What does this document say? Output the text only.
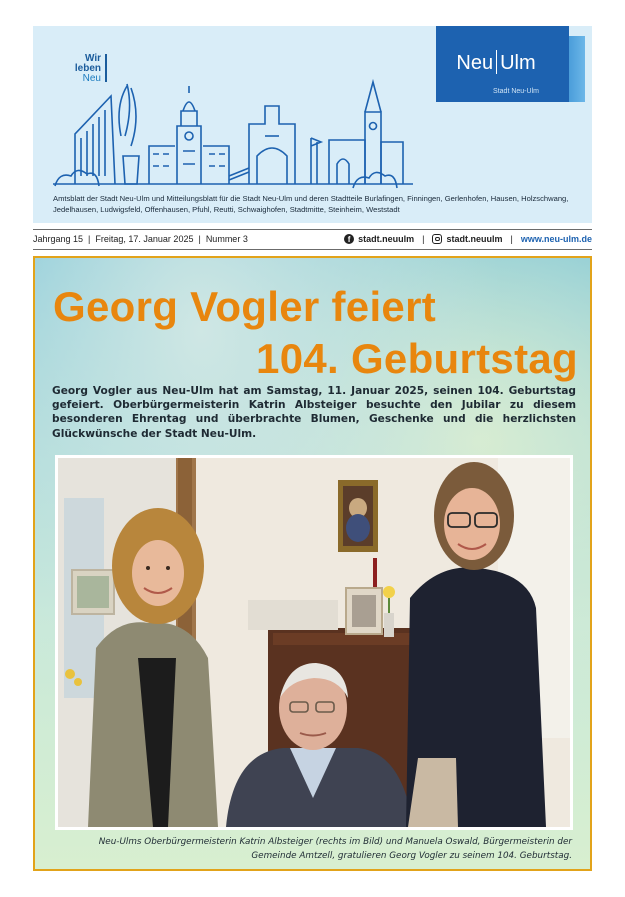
Wir
leben
Neu
Neu Ulm
Stadt Neu-Ulm
Amtsblatt der Stadt Neu-Ulm und Mitteilungsblatt für die Stadt Neu-Ulm und deren Stadtteile Burlafingen, Finningen, Gerlenhofen, Hausen, Holzschwang, Jedelhausen, Ludwigsfeld, Offenhausen, Pfuhl, Reutti, Schwaighofen, Stadtmitte, Steinheim, Weststadt
Jahrgang 15 | Freitag, 17. Januar 2025 | Nummer 3	f stadt.neuulm | stadt.neuulm | www.neu-ulm.de
Georg Vogler feiert
104. Geburtstag
Georg Vogler aus Neu-Ulm hat am Samstag, 11. Januar 2025, seinen 104. Geburtstag gefeiert. Oberbürgermeisterin Katrin Albsteiger besuchte den Jubilar zu diesem besonderen Ehrentag und überbrachte Blumen, Geschenke und die herzlichsten Glückwünsche der Stadt Neu-Ulm.
Neu-Ulms Oberbürgermeisterin Katrin Albsteiger (rechts im Bild) und Manuela Oswald, Bürgermeisterin der
Gemeinde Amtzell, gratulieren Georg Vogler zu seinem 104. Geburtstag.
